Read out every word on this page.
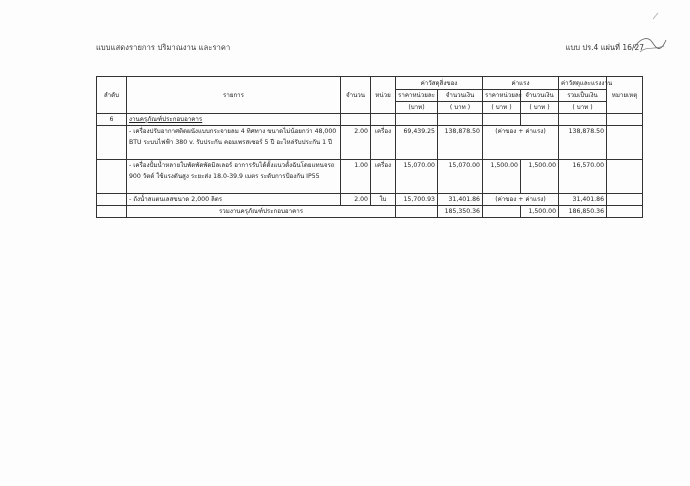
แบบแสดงรายการ ปริมาณงาน และราคา	แบบ ปร.4 แผ่นที่ 16/27
ลำดับ	รายการ	จำนวน	หน่วย	ค่าวัสดุสิ่งของ		ค่าแรง		ค่าวัสดุและแรงงาน	หมายเหตุ
				ราคาหน่วยละ	จำนวนเงิน	ราคาหน่วยละ	จำนวนเงิน	รวมเป็นเงิน	
				(บาท)	( บาท )	( บาท )	( บาท )	( บาท )	
6	งานครุภัณฑ์ประกอบอาคาร								
	- เครื่องปรับอากาศติดผนังแบบกระจายลม 4 ทิศทาง ขนาดไม่น้อยกว่า 48,000 BTU ระบบไฟฟ้า 380 v. รับประกัน คอมเพรสเซอร์ 5 ปี อะไหล่รับประกัน 1 ปี	2.00	เครื่อง	69,439.25	138,878.50	(ค่าของ + ค่าแรง)		138,878.50	
	- เครื่องปั้มน้ำหลายใบพัดพัดพัดมิลเลอร์ อาการรับได้ตั้งแนวตั้งฉันโดยแทนจรถ 900 วัตต์ ใช้แรงดันสูง ระยะส่ง 18.0-39.9 เมตร ระดับการป้องกัน IP55	1.00	เครื่อง	15,070.00	15,070.00	1,500.00	1,500.00	16,570.00	
	- ถังน้ำสแตนเลสขนาด 2,000 ลิตร	2.00	ใบ	15,700.93	31,401.86	(ค่าของ + ค่าแรง)		31,401.86	
	รวมงานครุภัณฑ์ประกอบอาคาร				185,350.36		1,500.00	186,850.36	
